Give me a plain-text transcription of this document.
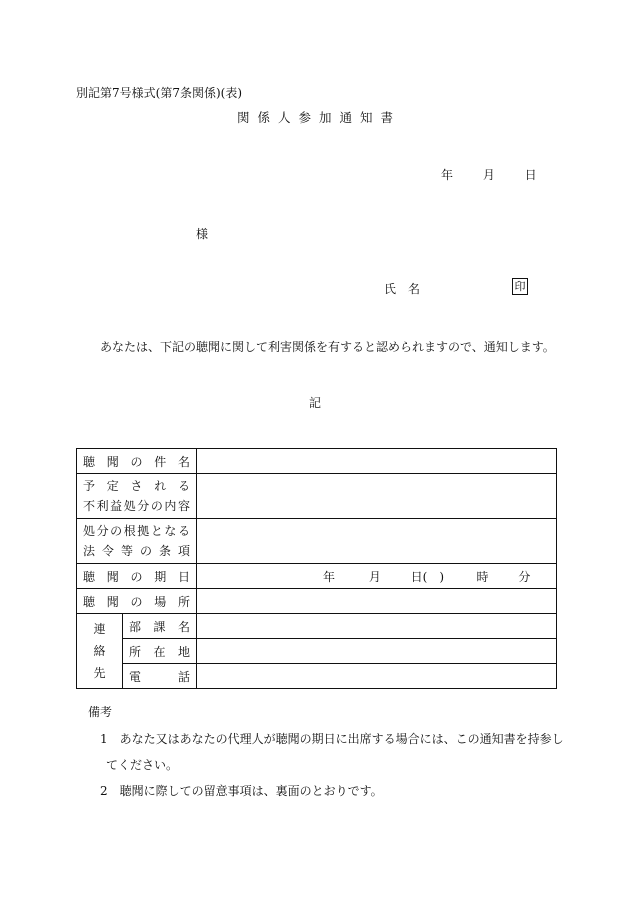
別記第7号様式(第7条関係)(表)
関係人参加通知書
年 月 日
様
氏　名	印
あなたは、下記の聴聞に関して利害関係を有すると認められますので、通知します。
記
聴聞の件名		

予定される
不利益処分の内容		

処分の根拠となる
法令等の条項		

聴聞の期日		年 月 日(　) 時 分
聴聞の場所		

連
絡
先	部課名	
	所在地	
	電　話	
備考
1　あなた又はあなたの代理人が聴聞の期日に出席する場合には、この通知書を持参し
てください。
2　聴聞に際しての留意事項は、裏面のとおりです。
